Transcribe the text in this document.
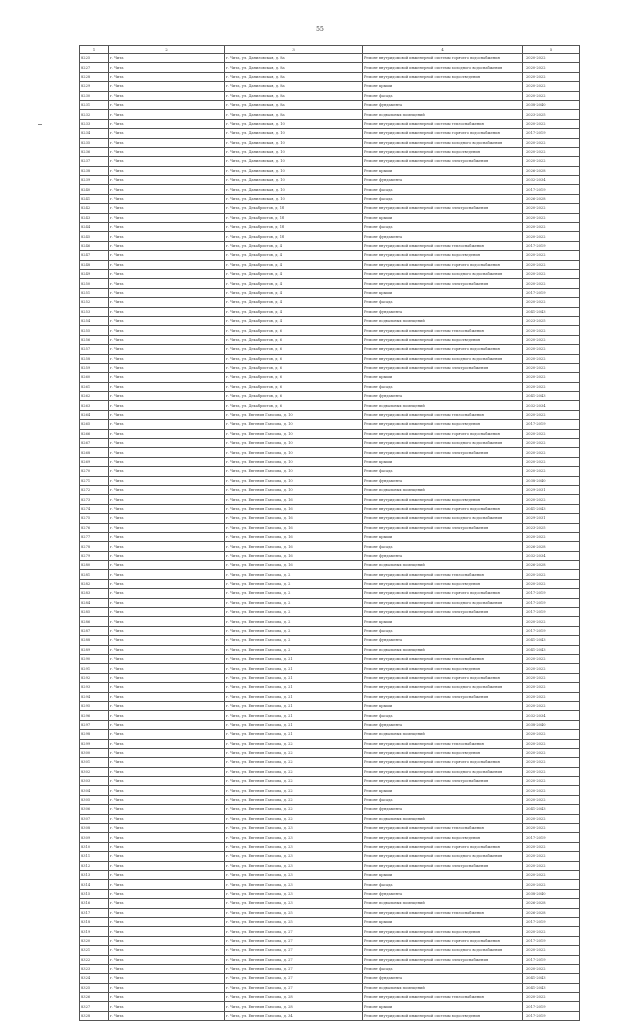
55
1	2	3	4	5
8225	г. Чита	г. Чита, ул. Даниловская, д. 8а	Ремонт внутридомовой инженерной системы горячего водоснабжения	2020-2022
8227	г. Чита	г. Чита, ул. Даниловская, д. 8а	Ремонт внутридомовой инженерной системы холодного водоснабжения	2020-2022
8228	г. Чита	г. Чита, ул. Даниловская, д. 8а	Ремонт внутридомовой инженерной системы водоотведения	2020-2022
8229	г. Чита	г. Чита, ул. Даниловская, д. 8а	Ремонт крыши	2020-2022
8230	г. Чита	г. Чита, ул. Даниловская, д. 8а	Ремонт фасада	2020-2022
8231	г. Чита	г. Чита, ул. Даниловская, д. 8а	Ремонт фундамента	2038-2040
8232	г. Чита	г. Чита, ул. Даниловская, д. 8а	Ремонт подвальных помещений	2023-2025
8233	г. Чита	г. Чита, ул. Даниловская, д. 10	Ремонт внутридомовой инженерной системы теплоснабжения	2020-2022
8234	г. Чита	г. Чита, ул. Даниловская, д. 10	Ремонт внутридомовой инженерной системы горячего водоснабжения	2017-2019
8235	г. Чита	г. Чита, ул. Даниловская, д. 10	Ремонт внутридомовой инженерной системы холодного водоснабжения	2020-2022
8236	г. Чита	г. Чита, ул. Даниловская, д. 10	Ремонт внутридомовой инженерной системы водоотведения	2020-2022
8237	г. Чита	г. Чита, ул. Даниловская, д. 10	Ремонт внутридомовой инженерной системы электроснабжения	2020-2022
8238	г. Чита	г. Чита, ул. Даниловская, д. 10	Ремонт крыши	2026-2028
8239	г. Чита	г. Чита, ул. Даниловская, д. 10	Ремонт фундамента	2032-2034
8240	г. Чита	г. Чита, ул. Даниловская, д. 10	Ремонт фасада	2017-2019
8241	г. Чита	г. Чита, ул. Даниловская, д. 10	Ремонт фасада	2026-2028
8242	г. Чита	г. Чита, ул. Декабристов, д. 1б	Ремонт внутридомовой инженерной системы электроснабжения	2020-2022
8243	г. Чита	г. Чита, ул. Декабристов, д. 1б	Ремонт крыши	2020-2022
8244	г. Чита	г. Чита, ул. Декабристов, д. 1б	Ремонт фасада	2020-2022
8245	г. Чита	г. Чита, ул. Декабристов, д. 1б	Ремонт фундамента	2020-2022
8246	г. Чита	г. Чита, ул. Декабристов, д. 4	Ремонт внутридомовой инженерной системы теплоснабжения	2017-2019
8247	г. Чита	г. Чита, ул. Декабристов, д. 4	Ремонт внутридомовой инженерной системы водоотведения	2020-2022
8248	г. Чита	г. Чита, ул. Декабристов, д. 4	Ремонт внутридомовой инженерной системы горячего водоснабжения	2020-2022
8249	г. Чита	г. Чита, ул. Декабристов, д. 4	Ремонт внутридомовой инженерной системы холодного водоснабжения	2020-2022
8250	г. Чита	г. Чита, ул. Декабристов, д. 4	Ремонт внутридомовой инженерной системы электроснабжения	2020-2022
8251	г. Чита	г. Чита, ул. Декабристов, д. 4	Ремонт крыши	2017-2019
8252	г. Чита	г. Чита, ул. Декабристов, д. 4	Ремонт фасада	2020-2022
8253	г. Чита	г. Чита, ул. Декабристов, д. 4	Ремонт фундамента	2041-2043
8254	г. Чита	г. Чита, ул. Декабристов, д. 4	Ремонт подвальных помещений	2023-2025
8255	г. Чита	г. Чита, ул. Декабристов, д. 6	Ремонт внутридомовой инженерной системы теплоснабжения	2020-2022
8256	г. Чита	г. Чита, ул. Декабристов, д. 6	Ремонт внутридомовой инженерной системы водоотведения	2020-2022
8257	г. Чита	г. Чита, ул. Декабристов, д. 6	Ремонт внутридомовой инженерной системы горячего водоснабжения	2020-2022
8258	г. Чита	г. Чита, ул. Декабристов, д. 6	Ремонт внутридомовой инженерной системы холодного водоснабжения	2020-2022
8259	г. Чита	г. Чита, ул. Декабристов, д. 6	Ремонт внутридомовой инженерной системы электроснабжения	2020-2022
8260	г. Чита	г. Чита, ул. Декабристов, д. 6	Ремонт крыши	2020-2022
8261	г. Чита	г. Чита, ул. Декабристов, д. 6	Ремонт фасада	2020-2022
8262	г. Чита	г. Чита, ул. Декабристов, д. 6	Ремонт фундамента	2041-2043
8263	г. Чита	г. Чита, ул. Декабристов, д. 6	Ремонт подвальных помещений	2032-2034
8264	г. Чита	г. Чита, ул. Евгения Гаюсова, д. 10	Ремонт внутридомовой инженерной системы теплоснабжения	2020-2022
8265	г. Чита	г. Чита, ул. Евгения Гаюсова, д. 10	Ремонт внутридомовой инженерной системы водоотведения	2017-2019
8266	г. Чита	г. Чита, ул. Евгения Гаюсова, д. 10	Ремонт внутридомовой инженерной системы горячего водоснабжения	2020-2022
8267	г. Чита	г. Чита, ул. Евгения Гаюсова, д. 10	Ремонт внутридомовой инженерной системы холодного водоснабжения	2020-2022
8268	г. Чита	г. Чита, ул. Евгения Гаюсова, д. 10	Ремонт внутридомовой инженерной системы электроснабжения	2020-2022
8269	г. Чита	г. Чита, ул. Евгения Гаюсова, д. 10	Ремонт крыши	2020-2022
8270	г. Чита	г. Чита, ул. Евгения Гаюсова, д. 10	Ремонт фасада	2020-2022
8271	г. Чита	г. Чита, ул. Евгения Гаюсова, д. 10	Ремонт фундамента	2038-2040
8272	г. Чита	г. Чита, ул. Евгения Гаюсова, д. 10	Ремонт подвальных помещений	2029-2031
8273	г. Чита	г. Чита, ул. Евгения Гаюсова, д. 16	Ремонт внутридомовой инженерной системы водоотведения	2020-2022
8274	г. Чита	г. Чита, ул. Евгения Гаюсова, д. 16	Ремонт внутридомовой инженерной системы горячего водоснабжения	2041-2043
8275	г. Чита	г. Чита, ул. Евгения Гаюсова, д. 16	Ремонт внутридомовой инженерной системы холодного водоснабжения	2029-2031
8276	г. Чита	г. Чита, ул. Евгения Гаюсова, д. 16	Ремонт внутридомовой инженерной системы электроснабжения	2023-2025
8277	г. Чита	г. Чита, ул. Евгения Гаюсова, д. 16	Ремонт крыши	2020-2022
8278	г. Чита	г. Чита, ул. Евгения Гаюсова, д. 16	Ремонт фасада	2026-2028
8279	г. Чита	г. Чита, ул. Евгения Гаюсова, д. 16	Ремонт фундамента	2032-2034
8280	г. Чита	г. Чита, ул. Евгения Гаюсова, д. 16	Ремонт подвальных помещений	2026-2028
8281	г. Чита	г. Чита, ул. Евгения Гаюсова, д. 2	Ремонт внутридомовой инженерной системы теплоснабжения	2020-2022
8282	г. Чита	г. Чита, ул. Евгения Гаюсова, д. 2	Ремонт внутридомовой инженерной системы водоотведения	2020-2022
8283	г. Чита	г. Чита, ул. Евгения Гаюсова, д. 2	Ремонт внутридомовой инженерной системы горячего водоснабжения	2017-2019
8284	г. Чита	г. Чита, ул. Евгения Гаюсова, д. 2	Ремонт внутридомовой инженерной системы холодного водоснабжения	2017-2019
8285	г. Чита	г. Чита, ул. Евгения Гаюсова, д. 2	Ремонт внутридомовой инженерной системы электроснабжения	2017-2019
8286	г. Чита	г. Чита, ул. Евгения Гаюсова, д. 2	Ремонт крыши	2020-2022
8287	г. Чита	г. Чита, ул. Евгения Гаюсова, д. 2	Ремонт фасада	2017-2019
8288	г. Чита	г. Чита, ул. Евгения Гаюсова, д. 2	Ремонт фундамента	2041-2043
8289	г. Чита	г. Чита, ул. Евгения Гаюсова, д. 2	Ремонт подвальных помещений	2041-2043
8290	г. Чита	г. Чита, ул. Евгения Гаюсова, д. 21	Ремонт внутридомовой инженерной системы теплоснабжения	2020-2022
8291	г. Чита	г. Чита, ул. Евгения Гаюсова, д. 21	Ремонт внутридомовой инженерной системы водоотведения	2020-2022
8292	г. Чита	г. Чита, ул. Евгения Гаюсова, д. 21	Ремонт внутридомовой инженерной системы горячего водоснабжения	2020-2022
8293	г. Чита	г. Чита, ул. Евгения Гаюсова, д. 21	Ремонт внутридомовой инженерной системы холодного водоснабжения	2020-2022
8294	г. Чита	г. Чита, ул. Евгения Гаюсова, д. 21	Ремонт внутридомовой инженерной системы электроснабжения	2020-2022
8295	г. Чита	г. Чита, ул. Евгения Гаюсова, д. 21	Ремонт крыши	2020-2022
8296	г. Чита	г. Чита, ул. Евгения Гаюсова, д. 21	Ремонт фасада	2032-2034
8297	г. Чита	г. Чита, ул. Евгения Гаюсова, д. 21	Ремонт фундамента	2038-2040
8298	г. Чита	г. Чита, ул. Евгения Гаюсова, д. 21	Ремонт подвальных помещений	2020-2022
8299	г. Чита	г. Чита, ул. Евгения Гаюсова, д. 22	Ремонт внутридомовой инженерной системы теплоснабжения	2020-2022
8300	г. Чита	г. Чита, ул. Евгения Гаюсова, д. 22	Ремонт внутридомовой инженерной системы водоотведения	2020-2022
8301	г. Чита	г. Чита, ул. Евгения Гаюсова, д. 22	Ремонт внутридомовой инженерной системы горячего водоснабжения	2020-2022
8302	г. Чита	г. Чита, ул. Евгения Гаюсова, д. 22	Ремонт внутридомовой инженерной системы холодного водоснабжения	2020-2022
8303	г. Чита	г. Чита, ул. Евгения Гаюсова, д. 22	Ремонт внутридомовой инженерной системы электроснабжения	2020-2022
8304	г. Чита	г. Чита, ул. Евгения Гаюсова, д. 22	Ремонт крыши	2020-2022
8305	г. Чита	г. Чита, ул. Евгения Гаюсова, д. 22	Ремонт фасада	2020-2022
8306	г. Чита	г. Чита, ул. Евгения Гаюсова, д. 22	Ремонт фундамента	2041-2043
8307	г. Чита	г. Чита, ул. Евгения Гаюсова, д. 22	Ремонт подвальных помещений	2020-2022
8308	г. Чита	г. Чита, ул. Евгения Гаюсова, д. 23	Ремонт внутридомовой инженерной системы теплоснабжения	2020-2022
8309	г. Чита	г. Чита, ул. Евгения Гаюсова, д. 23	Ремонт внутридомовой инженерной системы водоотведения	2017-2019
8310	г. Чита	г. Чита, ул. Евгения Гаюсова, д. 23	Ремонт внутридомовой инженерной системы горячего водоснабжения	2020-2022
8311	г. Чита	г. Чита, ул. Евгения Гаюсова, д. 23	Ремонт внутридомовой инженерной системы холодного водоснабжения	2020-2022
8312	г. Чита	г. Чита, ул. Евгения Гаюсова, д. 23	Ремонт внутридомовой инженерной системы электроснабжения	2020-2022
8313	г. Чита	г. Чита, ул. Евгения Гаюсова, д. 23	Ремонт крыши	2020-2022
8314	г. Чита	г. Чита, ул. Евгения Гаюсова, д. 23	Ремонт фасада	2020-2022
8315	г. Чита	г. Чита, ул. Евгения Гаюсова, д. 23	Ремонт фундамента	2038-2040
8316	г. Чита	г. Чита, ул. Евгения Гаюсова, д. 23	Ремонт подвальных помещений	2026-2028
8317	г. Чита	г. Чита, ул. Евгения Гаюсова, д. 25	Ремонт внутридомовой инженерной системы теплоснабжения	2026-2028
8318	г. Чита	г. Чита, ул. Евгения Гаюсова, д. 25	Ремонт крыши	2017-2019
8319	г. Чита	г. Чита, ул. Евгения Гаюсова, д. 27	Ремонт внутридомовой инженерной системы водоотведения	2020-2022
8320	г. Чита	г. Чита, ул. Евгения Гаюсова, д. 27	Ремонт внутридомовой инженерной системы горячего водоснабжения	2017-2019
8321	г. Чита	г. Чита, ул. Евгения Гаюсова, д. 27	Ремонт внутридомовой инженерной системы холодного водоснабжения	2020-2022
8322	г. Чита	г. Чита, ул. Евгения Гаюсова, д. 27	Ремонт внутридомовой инженерной системы электроснабжения	2017-2019
8323	г. Чита	г. Чита, ул. Евгения Гаюсова, д. 27	Ремонт фасада	2020-2022
8324	г. Чита	г. Чита, ул. Евгения Гаюсова, д. 27	Ремонт фундамента	2041-2043
8325	г. Чита	г. Чита, ул. Евгения Гаюсова, д. 27	Ремонт подвальных помещений	2041-2043
8326	г. Чита	г. Чита, ул. Евгения Гаюсова, д. 28	Ремонт внутридомовой инженерной системы теплоснабжения	2020-2022
8327	г. Чита	г. Чита, ул. Евгения Гаюсова, д. 28	Ремонт крыши	2017-2019
8328	г. Чита	г. Чита, ул. Евгения Гаюсова, д. 34	Ремонт внутридомовой инженерной системы водоотведения	2017-2019
